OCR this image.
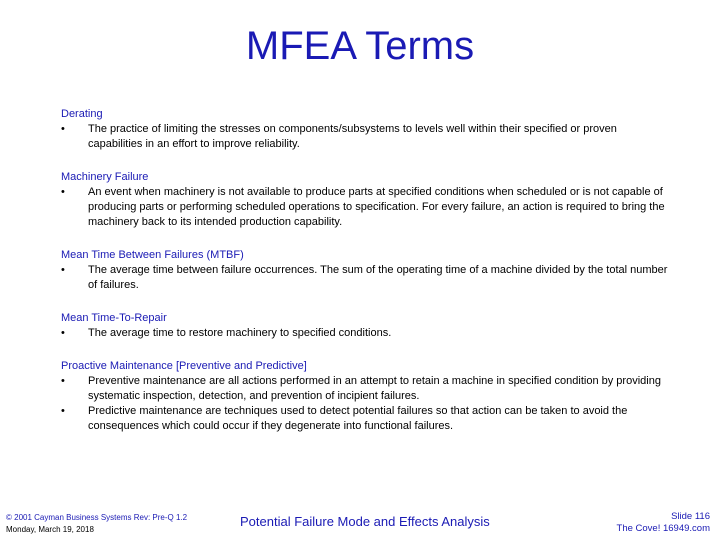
MFEA Terms
Derating
•	The practice of limiting the stresses on components/subsystems to levels well within their specified or proven capabilities in an effort to improve reliability.
Machinery Failure
•	An event when machinery is not available to produce parts at specified conditions when scheduled or is not capable of producing parts or performing scheduled operations to specification. For every failure, an action is required to bring the machinery back to its intended production capability.
Mean Time Between Failures (MTBF)
•	The average time between failure occurrences. The sum of the operating time of a machine divided by the total number of failures.
Mean Time-To-Repair
•	The average time to restore machinery to specified conditions.
Proactive Maintenance [Preventive and Predictive]
•	Preventive maintenance are all actions performed in an attempt to retain a machine in specified condition by providing systematic inspection, detection, and prevention of incipient failures.
•	Predictive maintenance are techniques used to detect potential failures so that action can be taken to avoid the consequences which could occur if they degenerate into functional failures.
© 2001 Cayman Business Systems Rev: Pre-Q 1.2
Monday, March 19, 2018
Potential Failure Mode and Effects Analysis	Slide 116
The Cove! 16949.com
